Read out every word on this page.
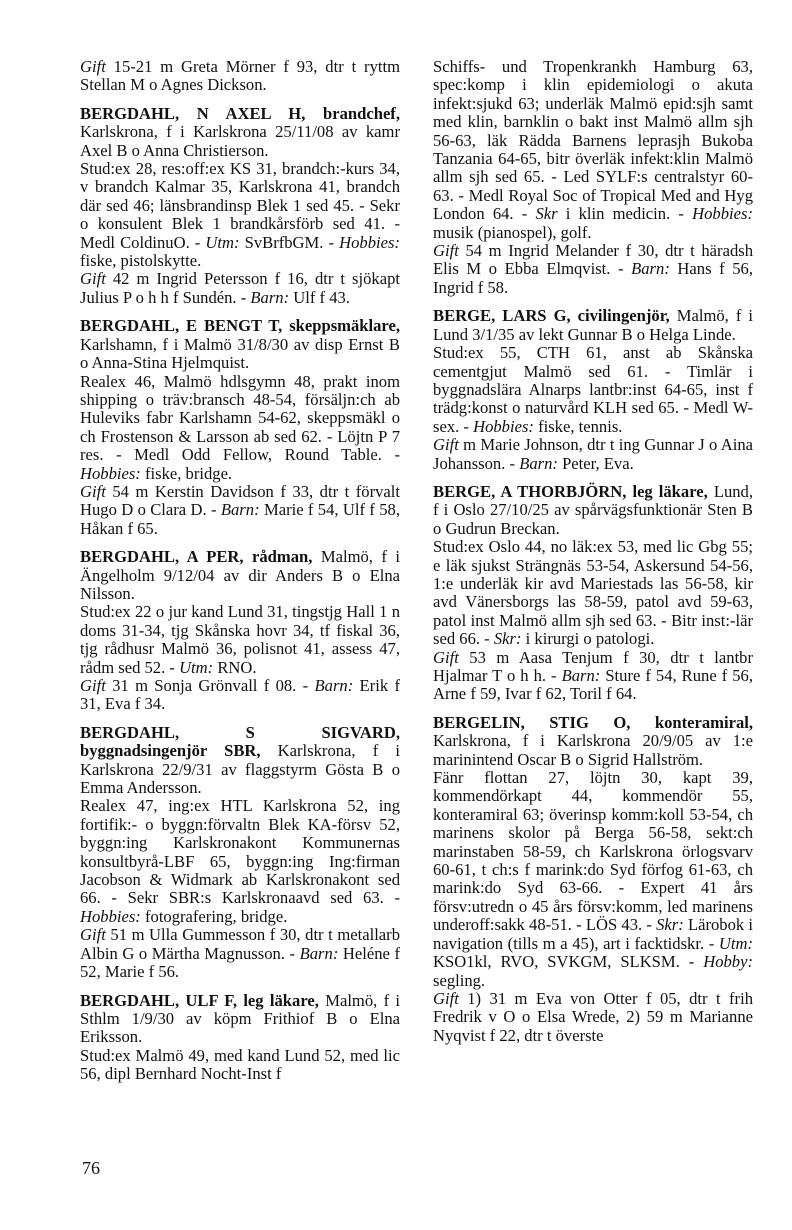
Gift 15-21 m Greta Mörner f 93, dtr t ryttm Stellan M o Agnes Dickson.
BERGDAHL, N AXEL H, brandchef, Karlskrona, f i Karlskrona 25/11/08 av kamr Axel B o Anna Christierson.
Stud:ex 28, res:off:ex KS 31, brandch:-kurs 34, v brandch Kalmar 35, Karlskrona 41, brandch där sed 46; länsbrandinsp Blek 1 sed 45. - Sekr o konsulent Blek 1 brandkårsförb sed 41. - Medl ColdinuO. - Utm: SvBrfbGM. - Hobbies: fiske, pistolskytte.
Gift 42 m Ingrid Petersson f 16, dtr t sjökapt Julius P o h h f Sundén. - Barn: Ulf f 43.
BERGDAHL, E BENGT T, skeppsmäklare, Karlshamn, f i Malmö 31/8/30 av disp Ernst B o Anna-Stina Hjelmquist.
Realex 46, Malmö hdlsgymn 48, prakt inom shipping o träv:bransch 48-54, försäljn:ch ab Huleviks fabr Karlshamn 54-62, skeppsmäkl o ch Frostenson & Larsson ab sed 62. - Löjtn P 7 res. - Medl Odd Fellow, Round Table. - Hobbies: fiske, bridge.
Gift 54 m Kerstin Davidson f 33, dtr t förvalt Hugo D o Clara D. - Barn: Marie f 54, Ulf f 58, Håkan f 65.
BERGDAHL, A PER, rådman, Malmö, f i Ängelholm 9/12/04 av dir Anders B o Elna Nilsson.
Stud:ex 22 o jur kand Lund 31, tingstjg Hall 1 n doms 31-34, tjg Skånska hovr 34, tf fiskal 36, tjg rådhusr Malmö 36, polisnot 41, assess 47, rådm sed 52. - Utm: RNO.
Gift 31 m Sonja Grönvall f 08. - Barn: Erik f 31, Eva f 34.
BERGDAHL, S SIGVARD, byggnadsingenjör SBR, Karlskrona, f i Karlskrona 22/9/31 av flaggstyrm Gösta B o Emma Andersson.
Realex 47, ing:ex HTL Karlskrona 52, ing fortifik:- o byggn:förvaltn Blek KA-försv 52, byggn:ing Karlskronakont Kommunernas konsultbyrå-LBF 65, byggn:ing Ing:firman Jacobson & Widmark ab Karlskronakont sed 66. - Sekr SBR:s Karlskronaavd sed 63. - Hobbies: fotografering, bridge.
Gift 51 m Ulla Gummesson f 30, dtr t metallarb Albin G o Märtha Magnusson. - Barn: Heléne f 52, Marie f 56.
BERGDAHL, ULF F, leg läkare, Malmö, f i Sthlm 1/9/30 av köpm Frithiof B o Elna Eriksson.
Stud:ex Malmö 49, med kand Lund 52, med lic 56, dipl Bernhard Nocht-Inst f
Schiffs- und Tropenkrankh Hamburg 63, spec:komp i klin epidemiologi o akuta infekt:sjukd 63; underläk Malmö epid:sjh samt med klin, barnklin o bakt inst Malmö allm sjh 56-63, läk Rädda Barnens leprasjh Bukoba Tanzania 64-65, bitr överläk infekt:klin Malmö allm sjh sed 65. - Led SYLF:s centralstyr 60-63. - Medl Royal Soc of Tropical Med and Hyg London 64. - Skr i klin medicin. - Hobbies: musik (pianospel), golf.
Gift 54 m Ingrid Melander f 30, dtr t häradsh Elis M o Ebba Elmqvist. - Barn: Hans f 56, Ingrid f 58.
BERGE, LARS G, civilingenjör, Malmö, f i Lund 3/1/35 av lekt Gunnar B o Helga Linde.
Stud:ex 55, CTH 61, anst ab Skånska cementgjut Malmö sed 61. - Timlär i byggnadslära Alnarps lantbr:inst 64-65, inst f trädg:konst o naturvård KLH sed 65. - Medl W-sex. - Hobbies: fiske, tennis.
Gift m Marie Johnson, dtr t ing Gunnar J o Aina Johansson. - Barn: Peter, Eva.
BERGE, A THORBJÖRN, leg läkare, Lund, f i Oslo 27/10/25 av spårvägsfunktionär Sten B o Gudrun Breckan.
Stud:ex Oslo 44, no läk:ex 53, med lic Gbg 55; e läk sjukst Strängnäs 53-54, Askersund 54-56, 1:e underläk kir avd Mariestads las 56-58, kir avd Vänersborgs las 58-59, patol avd 59-63, patol inst Malmö allm sjh sed 63. - Bitr inst:-lär sed 66. - Skr: i kirurgi o patologi.
Gift 53 m Aasa Tenjum f 30, dtr t lantbr Hjalmar T o h h. - Barn: Sture f 54, Rune f 56, Arne f 59, Ivar f 62, Toril f 64.
BERGELIN, STIG O, konteramiral, Karlskrona, f i Karlskrona 20/9/05 av 1:e marinintend Oscar B o Sigrid Hallström.
Fänr flottan 27, löjtn 30, kapt 39, kommendörkapt 44, kommendör 55, konteramiral 63; överinsp komm:koll 53-54, ch marinens skolor på Berga 56-58, sekt:ch marinstaben 58-59, ch Karlskrona örlogsvarv 60-61, t ch:s f marink:do Syd förfog 61-63, ch marink:do Syd 63-66. - Expert 41 års försv:utredn o 45 års försv:komm, led marinens underoff:sakk 48-51. - LÖS 43. - Skr: Lärobok i navigation (tills m a 45), art i facktidskr. - Utm: KSO1kl, RVO, SVKGM, SLKSM. - Hobby: segling.
Gift 1) 31 m Eva von Otter f 05, dtr t frih Fredrik v O o Elsa Wrede, 2) 59 m Marianne Nyqvist f 22, dtr t överste
76
